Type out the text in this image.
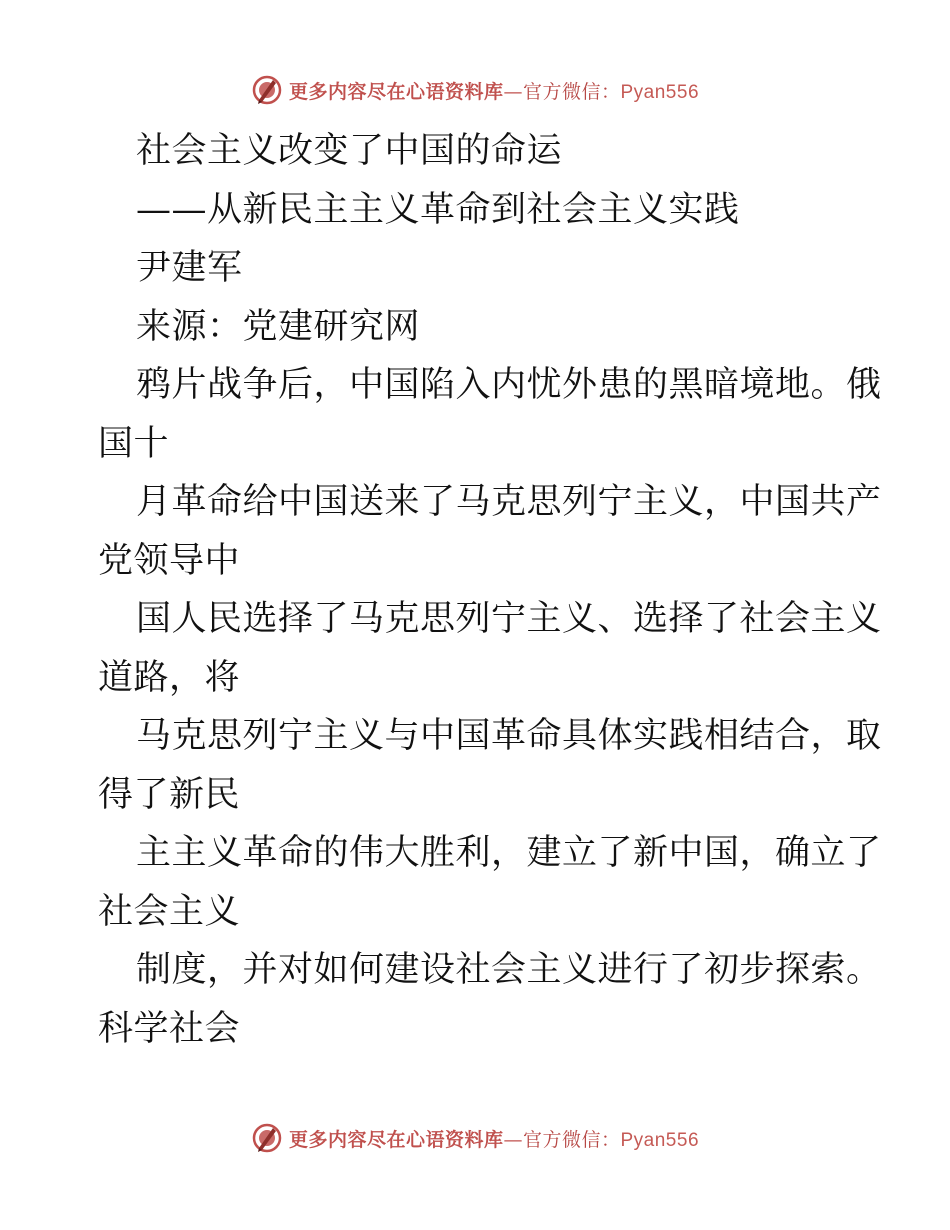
更多内容尽在心语资料库 — 官方微信： Pyan556
社会主义改变了中国的命运
——从新民主主义革命到社会主义实践
尹建军
来源：党建研究网
鸦片战争后，中国陷入内忧外患的黑暗境地。俄
国十
月革命给中国送来了马克思列宁主义，中国共产
党领导中
国人民选择了马克思列宁主义、选择了社会主义
道路，将
马克思列宁主义与中国革命具体实践相结合，取
得了新民
主主义革命的伟大胜利，建立了新中国，确立了
社会主义
制度，并对如何建设社会主义进行了初步探索。
科学社会
更多内容尽在心语资料库 — 官方微信： Pyan556
